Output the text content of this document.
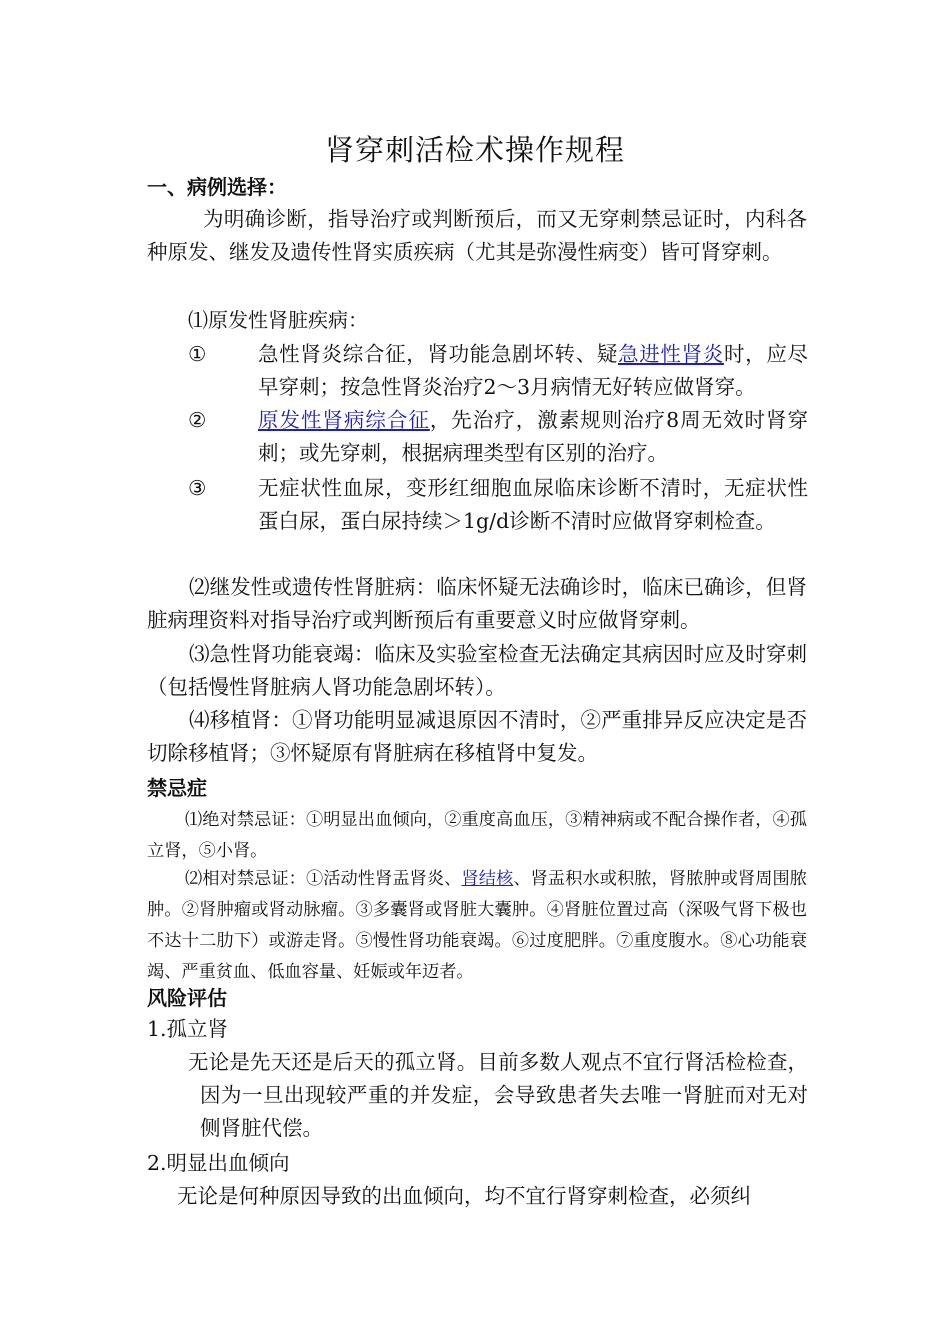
肾穿刺活检术操作规程
一、病例选择：
为明确诊断，指导治疗或判断预后，而又无穿刺禁忌证时，内科各种原发、继发及遗传性肾实质疾病（尤其是弥漫性病变）皆可肾穿刺。
⑴原发性肾脏疾病：
①	急性肾炎综合征，肾功能急剧坏转、疑急进性肾炎时，应尽早穿刺；按急性肾炎治疗2～3月病情无好转应做肾穿。
②	原发性肾病综合征，先治疗，激素规则治疗8周无效时肾穿刺；或先穿刺，根据病理类型有区别的治疗。
③	无症状性血尿，变形红细胞血尿临床诊断不清时，无症状性蛋白尿，蛋白尿持续＞1g/d诊断不清时应做肾穿刺检查。
⑵继发性或遗传性肾脏病：临床怀疑无法确诊时，临床已确诊，但肾脏病理资料对指导治疗或判断预后有重要意义时应做肾穿刺。
⑶急性肾功能衰竭：临床及实验室检查无法确定其病因时应及时穿刺（包括慢性肾脏病人肾功能急剧坏转）。
⑷移植肾：①肾功能明显减退原因不清时，②严重排异反应决定是否切除移植肾；③怀疑原有肾脏病在移植肾中复发。
禁忌症
⑴绝对禁忌证：①明显出血倾向，②重度高血压，③精神病或不配合操作者，④孤立肾，⑤小肾。
⑵相对禁忌证：①活动性肾盂肾炎、肾结核、肾盂积水或积脓，肾脓肿或肾周围脓肿。②肾肿瘤或肾动脉瘤。③多囊肾或肾脏大囊肿。④肾脏位置过高（深吸气肾下极也不达十二肋下）或游走肾。⑤慢性肾功能衰竭。⑥过度肥胖。⑦重度腹水。⑧心功能衰竭、严重贫血、低血容量、妊娠或年迈者。
风险评估
1.孤立肾
无论是先天还是后天的孤立肾。目前多数人观点不宜行肾活检检查，因为一旦出现较严重的并发症，会导致患者失去唯一肾脏而对无对侧肾脏代偿。
2.明显出血倾向
无论是何种原因导致的出血倾向，均不宜行肾穿刺检查，必须纠
